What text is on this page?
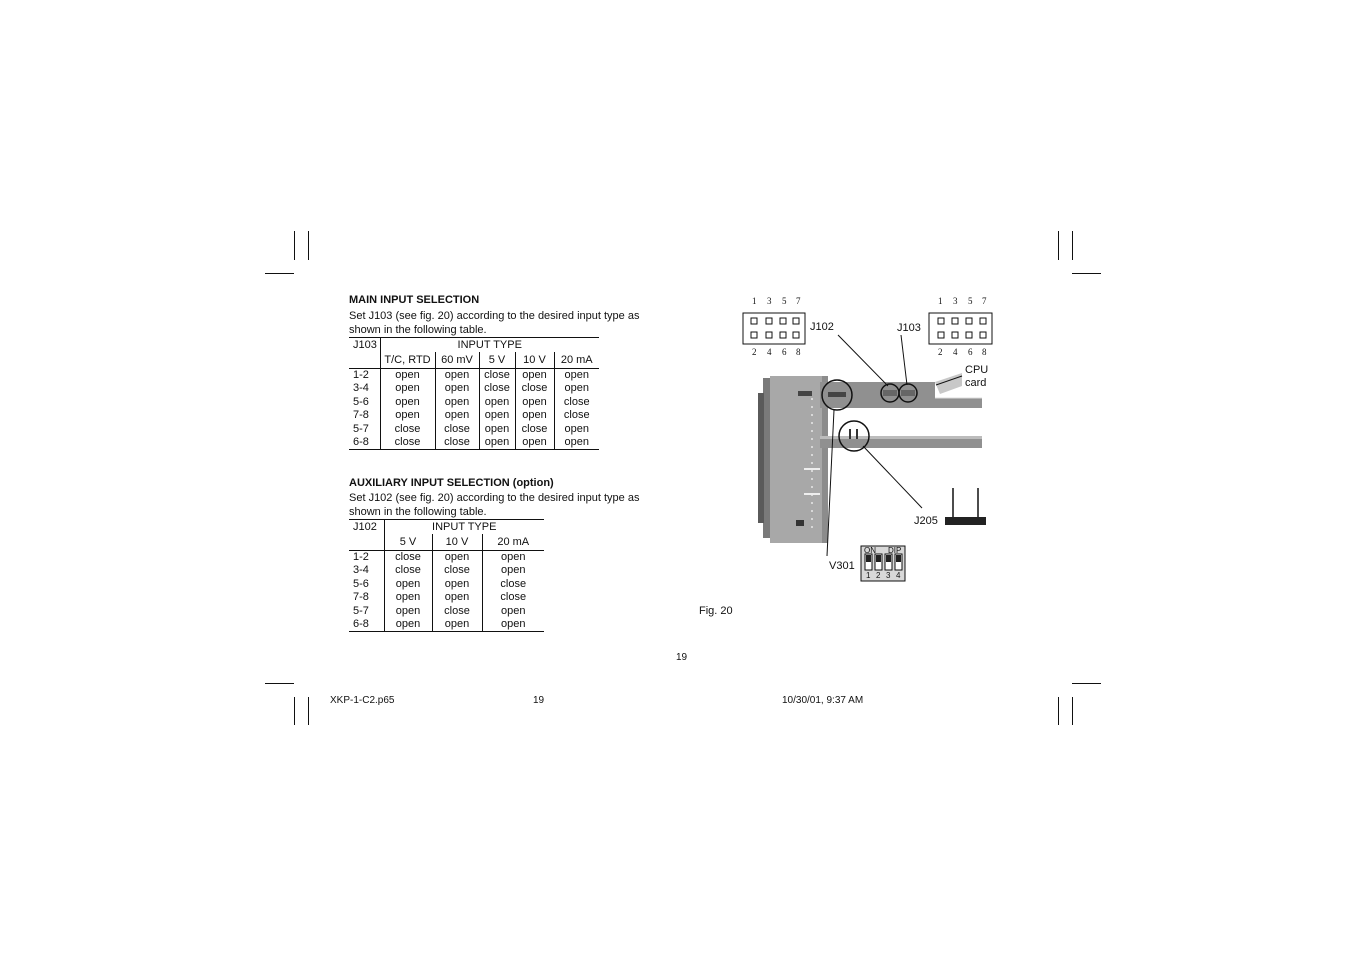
MAIN INPUT SELECTION

Set J103 (see fig. 20) according to the desired input type as shown in the following table.

J103	INPUT TYPE				
	T/C, RTD	60 mV	5 V	10 V	20 mA
1-2	open	open	close	open	open
3-4	open	open	close	close	open
5-6	open	open	open	open	close
7-8	open	open	open	open	close
5-7	close	close	open	close	open
6-8	close	close	open	open	open
AUXILIARY INPUT SELECTION (option)

Set J102 (see fig. 20) according to the desired input type as shown in the following table.

J102	INPUT TYPE		
	5 V	10 V	20 mA
1-2	close	open	open
3-4	close	close	open
5-6	open	open	close
7-8	open	open	close
5-7	open	close	open
6-8	open	open	open
1 3 5 7
2 4 6 8
1 3 5 7
2 4 6 8
ON DIP
1 2 3 4
J102	J103
CPU
card
J205
V301
Fig. 20
19
XKP-1-C2.p65	19	10/30/01, 9:37 AM
